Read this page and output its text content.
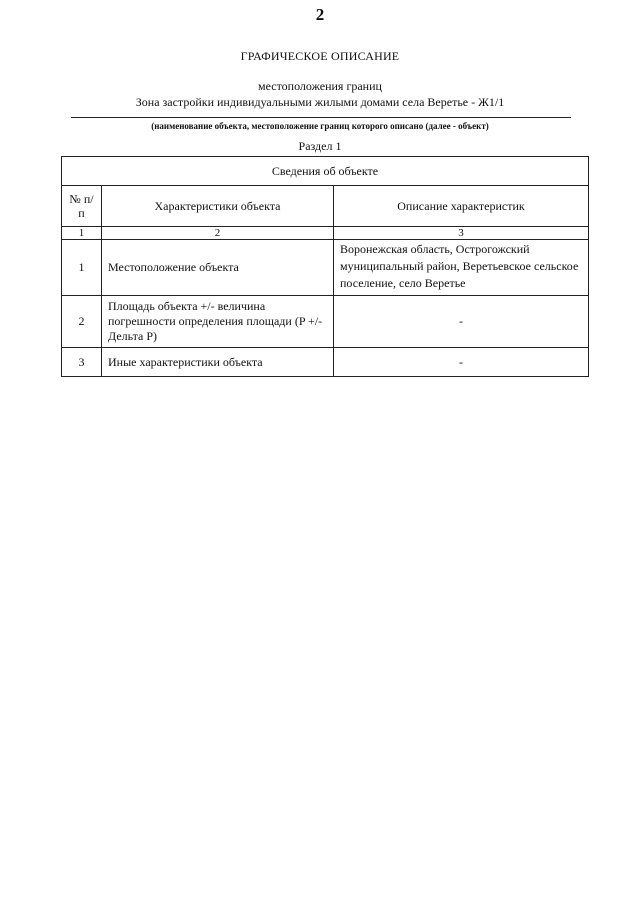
2
ГРАФИЧЕСКОЕ ОПИСАНИЕ
местоположения границ
Зона застройки индивидуальными жилыми домами села Веретье - Ж1/1
(наименование объекта, местоположение границ которого описано (далее - объект)
Раздел 1
Сведения об объекте		
№ п/п	Характеристики объекта	Описание характеристик
1	2	3
1	Местоположение объекта	Воронежская область, Острогожский муниципальный район, Веретьевское сельское поселение, село Веретье
2	Площадь объекта +/- величина погрешности определения площади (P +/- Дельта P)	-
3	Иные характеристики объекта	-
